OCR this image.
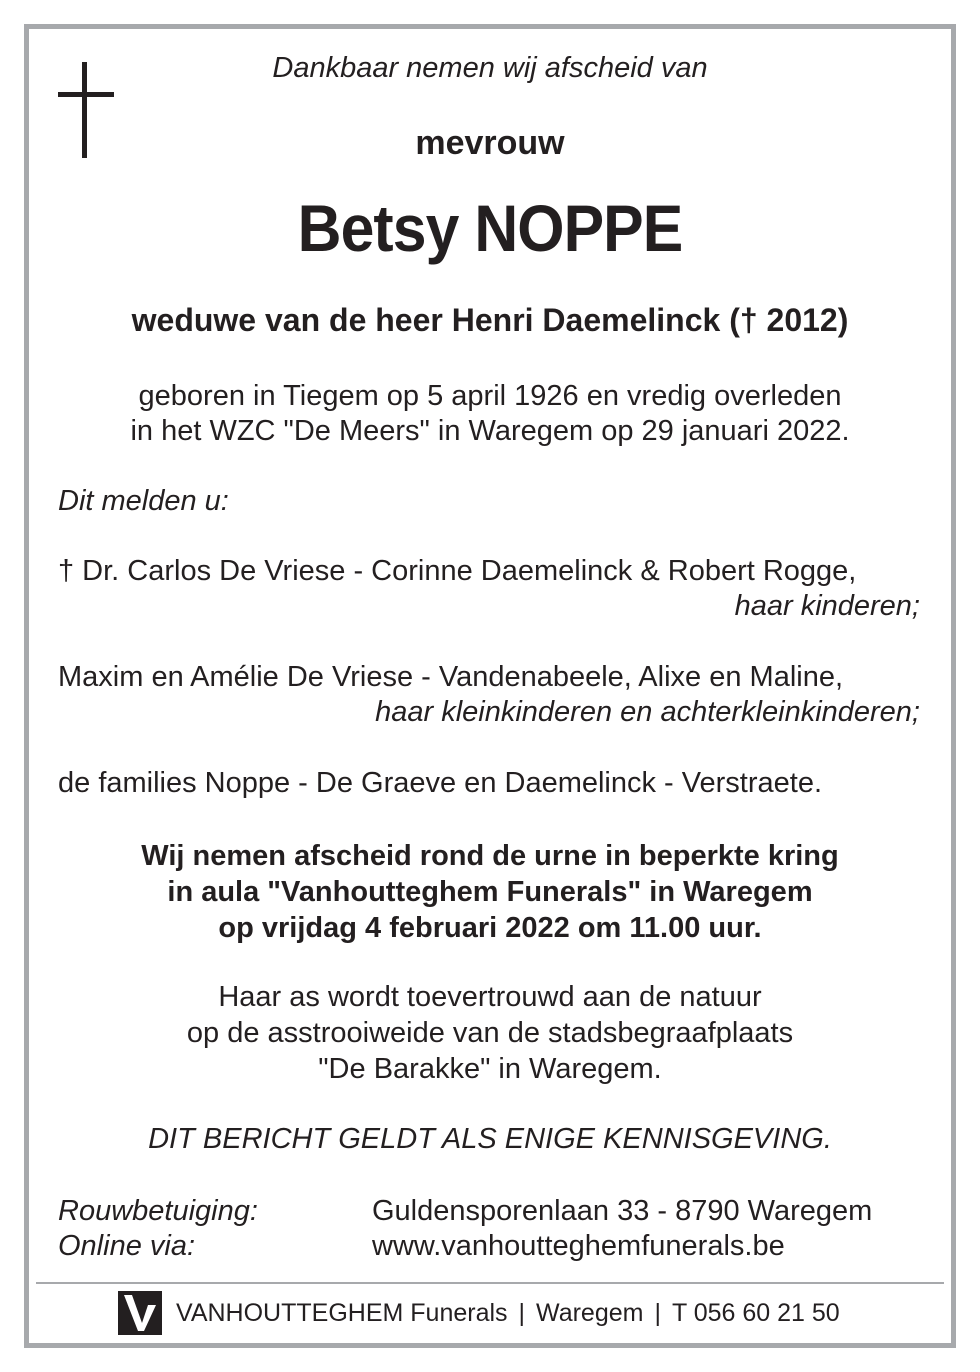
Dankbaar nemen wij afscheid van
mevrouw
Betsy NOPPE
weduwe van de heer Henri Daemelinck († 2012)
geboren in Tiegem op 5 april 1926 en vredig overleden
in het WZC "De Meers" in Waregem op 29 januari 2022.
Dit melden u:
† Dr. Carlos De Vriese - Corinne Daemelinck & Robert Rogge,
haar kinderen;
Maxim en Amélie De Vriese - Vandenabeele, Alixe en Maline,
haar kleinkinderen en achterkleinkinderen;
de families Noppe - De Graeve en Daemelinck - Verstraete.
Wij nemen afscheid rond de urne in beperkte kring
in aula "Vanhoutteghem Funerals" in Waregem
op vrijdag 4 februari 2022 om 11.00 uur.
Haar as wordt toevertrouwd aan de natuur
op de asstrooiweide van de stadsbegraafplaats
"De Barakke" in Waregem.
DIT BERICHT GELDT ALS ENIGE KENNISGEVING.
Rouwbetuiging:	Guldensporenlaan 33 - 8790 Waregem
Online via:	www.vanhoutteghemfunerals.be
VANHOUTTEGHEM Funerals | Waregem | T 056 60 21 50
